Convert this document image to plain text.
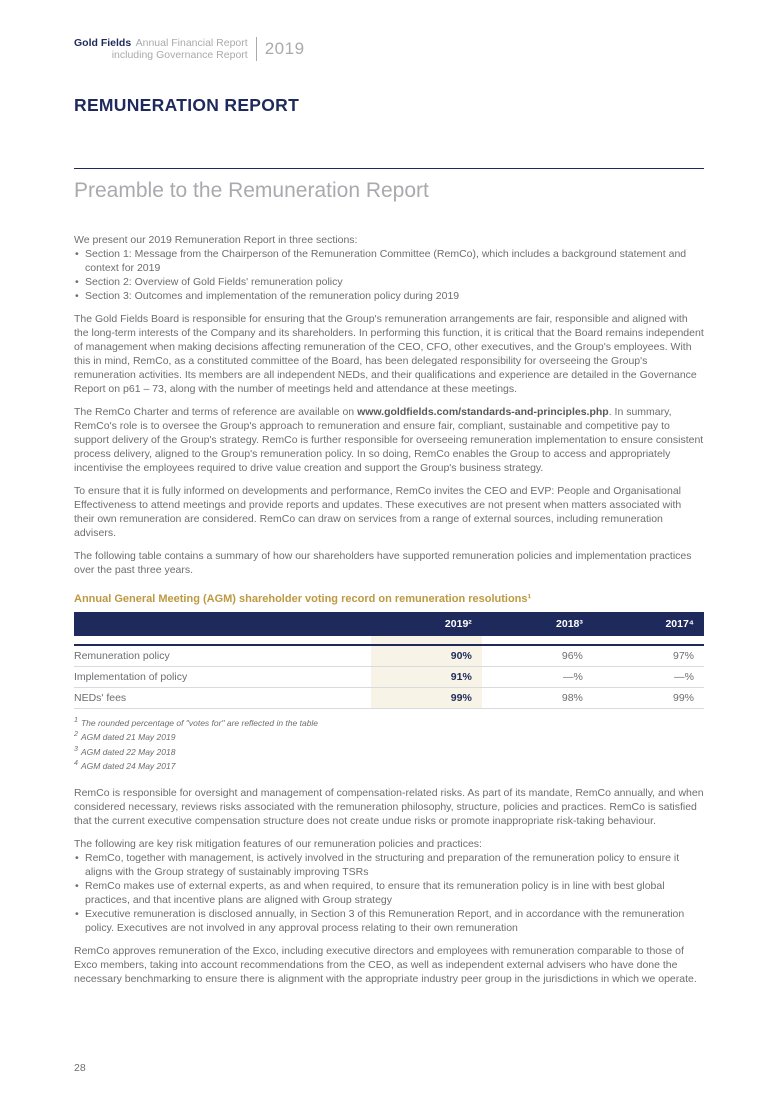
Gold Fields Annual Financial Report
including Governance Report 2019
REMUNERATION REPORT
Preamble to the Remuneration Report

We present our 2019 Remuneration Report in three sections:

• Section 1: Message from the Chairperson of the Remuneration Committee (RemCo), which includes a background statement and context for 2019
• Section 2: Overview of Gold Fields' remuneration policy
• Section 3: Outcomes and implementation of the remuneration policy during 2019

The Gold Fields Board is responsible for ensuring that the Group's remuneration arrangements are fair, responsible and aligned with the long-term interests of the Company and its shareholders. In performing this function, it is critical that the Board remains independent of management when making decisions affecting remuneration of the CEO, CFO, other executives, and the Group's employees. With this in mind, RemCo, as a constituted committee of the Board, has been delegated responsibility for overseeing the Group's remuneration activities. Its members are all independent NEDs, and their qualifications and experience are detailed in the Governance Report on p61 – 73, along with the number of meetings held and attendance at these meetings.

The RemCo Charter and terms of reference are available on www.goldfields.com/standards-and-principles.php. In summary, RemCo's role is to oversee the Group's approach to remuneration and ensure fair, compliant, sustainable and competitive pay to support delivery of the Group's strategy. RemCo is further responsible for overseeing remuneration implementation to ensure consistent process delivery, aligned to the Group's remuneration policy. In so doing, RemCo enables the Group to access and appropriately incentivise the employees required to drive value creation and support the Group's business strategy.

To ensure that it is fully informed on developments and performance, RemCo invites the CEO and EVP: People and Organisational Effectiveness to attend meetings and provide reports and updates. These executives are not present when matters associated with their own remuneration are considered. RemCo can draw on services from a range of external sources, including remuneration advisers.

The following table contains a summary of how our shareholders have supported remuneration policies and implementation practices over the past three years.

Annual General Meeting (AGM) shareholder voting record on remuneration resolutions¹
	2019²	2018³	2017⁴

Remuneration policy	90%	96%	97%
Implementation of policy	91%	—%	—%
NEDs' fees	99%	98%	99%
$^1$ The rounded percentage of "votes for" are reflected in the table
$^2$ AGM dated 21 May 2019
$^3$ AGM dated 22 May 2018
$^4$ AGM dated 24 May 2017

RemCo is responsible for oversight and management of compensation-related risks. As part of its mandate, RemCo annually, and when considered necessary, reviews risks associated with the remuneration philosophy, structure, policies and practices. RemCo is satisfied that the current executive compensation structure does not create undue risks or promote inappropriate risk-taking behaviour.

The following are key risk mitigation features of our remuneration policies and practices:

• RemCo, together with management, is actively involved in the structuring and preparation of the remuneration policy to ensure it aligns with the Group strategy of sustainably improving TSRs
• RemCo makes use of external experts, as and when required, to ensure that its remuneration policy is in line with best global practices, and that incentive plans are aligned with Group strategy
• Executive remuneration is disclosed annually, in Section 3 of this Remuneration Report, and in accordance with the remuneration policy. Executives are not involved in any approval process relating to their own remuneration

RemCo approves remuneration of the Exco, including executive directors and employees with remuneration comparable to those of Exco members, taking into account recommendations from the CEO, as well as independent external advisers who have done the necessary benchmarking to ensure there is alignment with the appropriate industry peer group in the jurisdictions in which we operate.

28
